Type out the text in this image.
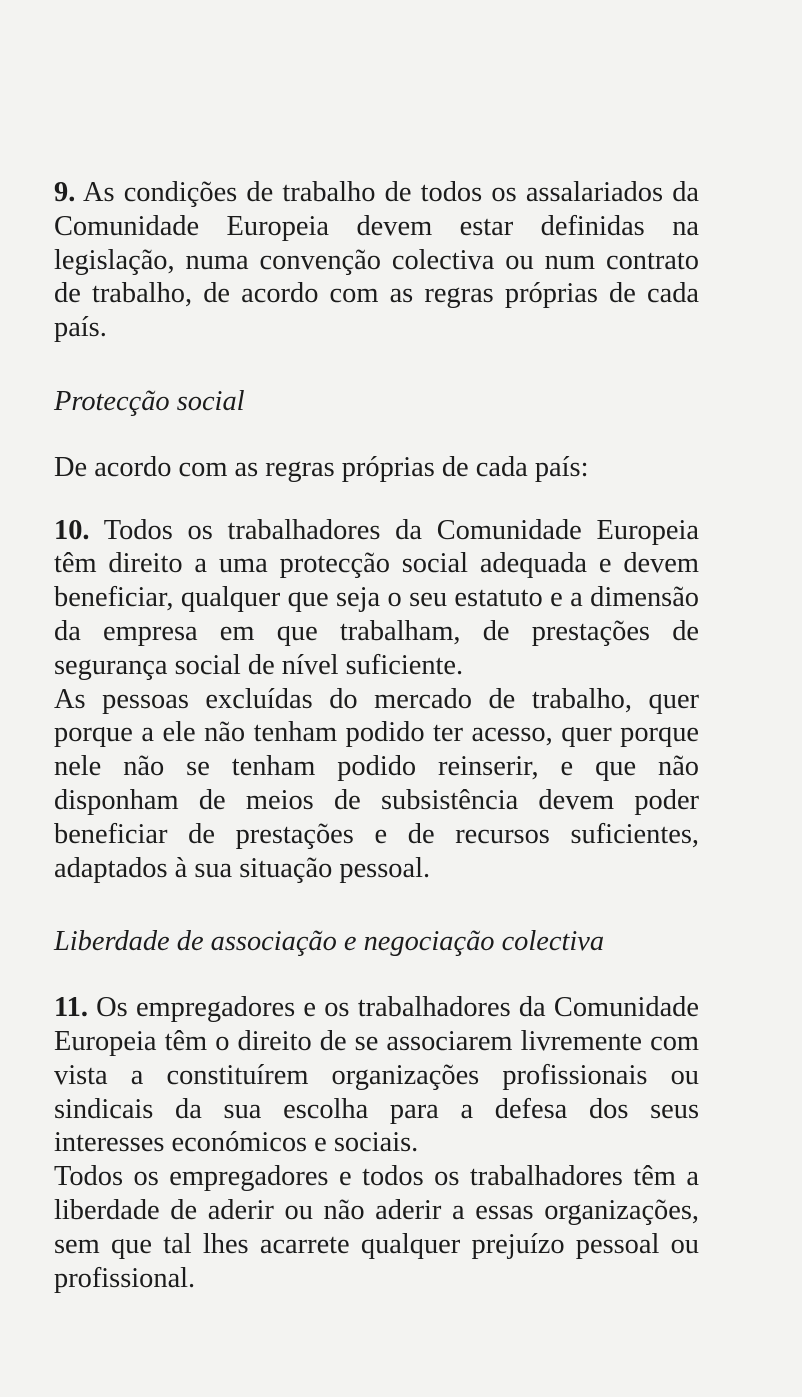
9. As condições de trabalho de todos os assalariados da Comunidade Europeia devem estar definidas na legislação, numa convenção colectiva ou num contrato de trabalho, de acordo com as regras próprias de cada país.

Protecção social

De acordo com as regras próprias de cada país:

10. Todos os trabalhadores da Comunidade Europeia têm direito a uma protecção social adequada e devem beneficiar, qualquer que seja o seu estatuto e a dimensão da empresa em que trabalham, de prestações de segurança social de nível suficiente.

As pessoas excluídas do mercado de trabalho, quer porque a ele não tenham podido ter acesso, quer porque nele não se tenham podido reinserir, e que não disponham de meios de subsistência devem poder beneficiar de prestações e de recursos suficientes, adaptados à sua situação pessoal.

Liberdade de associação e negociação colectiva

11. Os empregadores e os trabalhadores da Comunidade Europeia têm o direito de se associarem livremente com vista a constituírem organizações profissionais ou sindicais da sua escolha para a defesa dos seus interesses económicos e sociais.

Todos os empregadores e todos os trabalhadores têm a liberdade de aderir ou não aderir a essas organizações, sem que tal lhes acarrete qualquer prejuízo pessoal ou profissional.
